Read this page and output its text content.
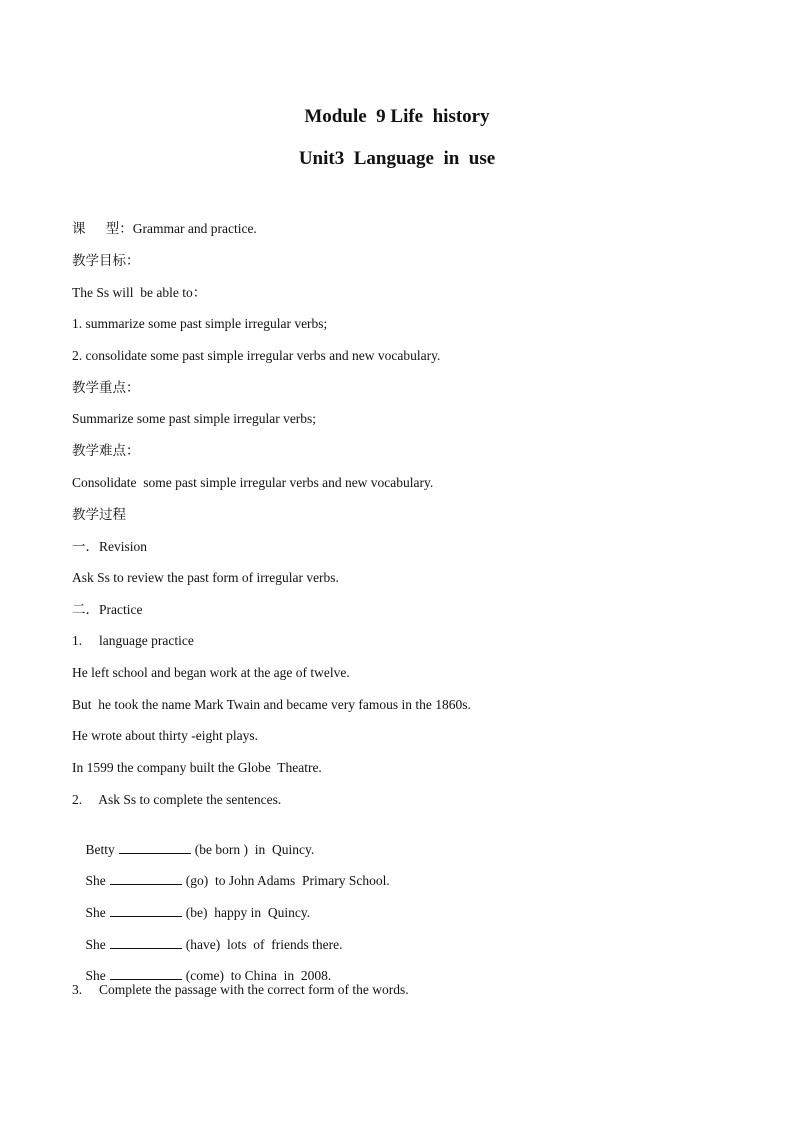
Module  9 Life  history
Unit3  Language  in  use
课      型：Grammar and practice.
教学目标：
The Ss will  be able to：
1. summarize some past simple irregular verbs;
2. consolidate some past simple irregular verbs and new vocabulary.
教学重点：
Summarize some past simple irregular verbs;
教学难点：
Consolidate  some past simple irregular verbs and new vocabulary.
教学过程
一．Revision
Ask Ss to review the past form of irregular verbs.
二．Practice
1.     language practice
He left school and began work at the age of twelve.
But  he took the name Mark Twain and became very famous in the 1860s.
He wrote about thirty -eight plays.
In 1599 the company built the Globe  Theatre.
2.     Ask Ss to complete the sentences.

Betty	(be born )  in  Quincy.

She	(go)  to John Adams  Primary School.

She	(be)  happy in  Quincy.

She	(have)  lots  of  friends there.

She	(come)  to China  in  2008.

3.     Complete the passage with the correct form of the words.
